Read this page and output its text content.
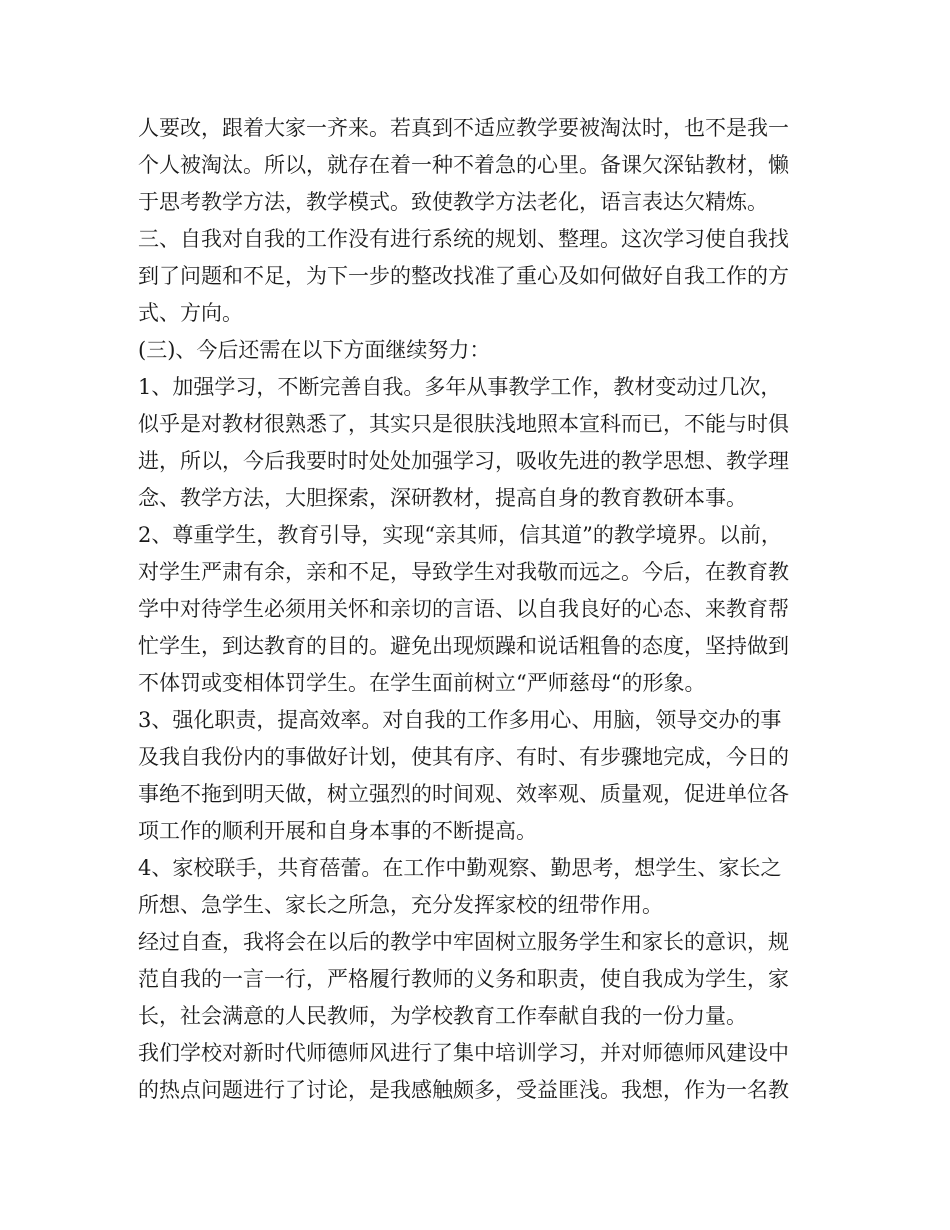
人要改，跟着大家一齐来。若真到不适应教学要被淘汰时，也不是我一
个人被淘汰。所以，就存在着一种不着急的心里。备课欠深钻教材，懒
于思考教学方法，教学模式。致使教学方法老化，语言表达欠精炼。
三、自我对自我的工作没有进行系统的规划、整理。这次学习使自我找
到了问题和不足，为下一步的整改找准了重心及如何做好自我工作的方
式、方向。
(三)、今后还需在以下方面继续努力：
1、加强学习，不断完善自我。多年从事教学工作，教材变动过几次，
似乎是对教材很熟悉了，其实只是很肤浅地照本宣科而已，不能与时俱
进，所以，今后我要时时处处加强学习，吸收先进的教学思想、教学理
念、教学方法，大胆探索，深研教材，提高自身的教育教研本事。
2、尊重学生，教育引导，实现“亲其师，信其道”的教学境界。以前，
对学生严肃有余，亲和不足，导致学生对我敬而远之。今后，在教育教
学中对待学生必须用关怀和亲切的言语、以自我良好的心态、来教育帮
忙学生，到达教育的目的。避免出现烦躁和说话粗鲁的态度，坚持做到
不体罚或变相体罚学生。在学生面前树立“严师慈母“的形象。
3、强化职责，提高效率。对自我的工作多用心、用脑，领导交办的事
及我自我份内的事做好计划，使其有序、有时、有步骤地完成，今日的
事绝不拖到明天做，树立强烈的时间观、效率观、质量观，促进单位各
项工作的顺利开展和自身本事的不断提高。
4、家校联手，共育蓓蕾。在工作中勤观察、勤思考，想学生、家长之
所想、急学生、家长之所急，充分发挥家校的纽带作用。
经过自查，我将会在以后的教学中牢固树立服务学生和家长的意识，规
范自我的一言一行，严格履行教师的义务和职责，使自我成为学生，家
长，社会满意的人民教师，为学校教育工作奉献自我的一份力量。
我们学校对新时代师德师风进行了集中培训学习，并对师德师风建设中
的热点问题进行了讨论，是我感触颇多，受益匪浅。我想，作为一名教
